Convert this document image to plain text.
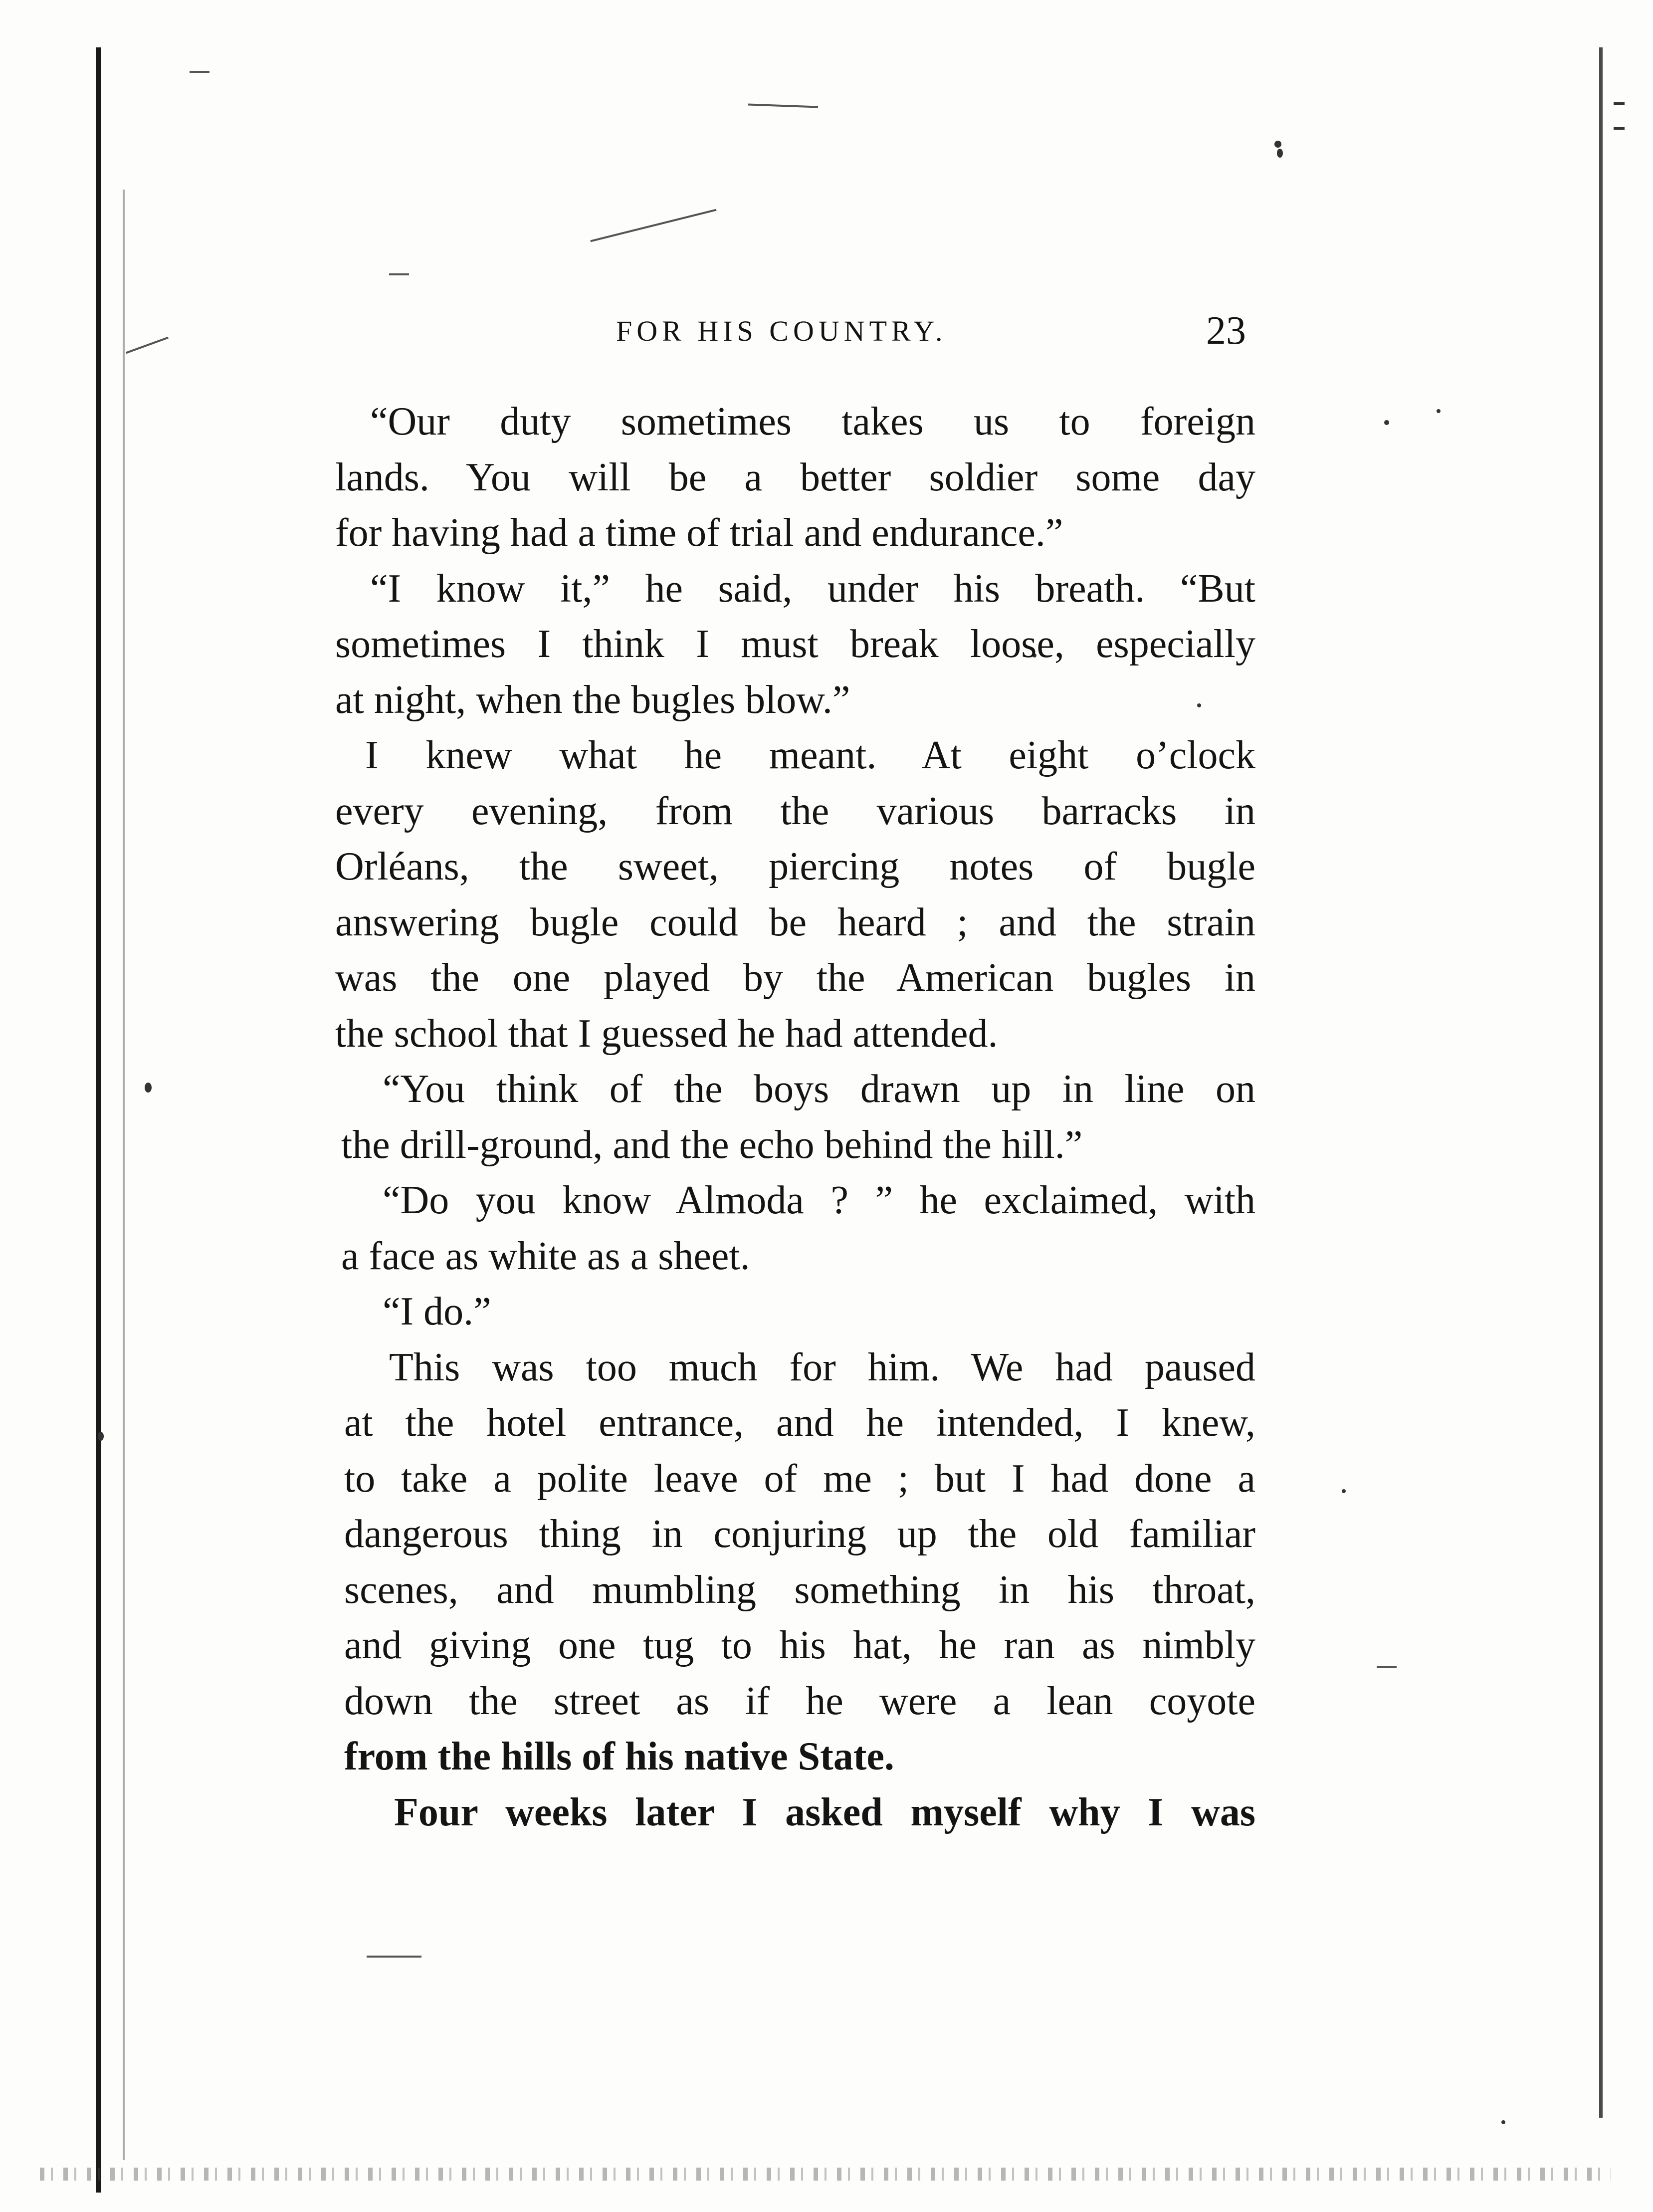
FOR HIS COUNTRY.	23
“Our duty sometimes takes us to foreign
lands. You will be a better soldier some day
for having had a time of trial and endurance.”
“I know it,” he said, under his breath. “But
sometimes I think I must break loose, especially
at night, when the bugles blow.”
I knew what he meant. At eight o’clock
every evening, from the various barracks in
Orléans, the sweet, piercing notes of bugle
answering bugle could be heard ; and the strain
was the one played by the American bugles in
the school that I guessed he had attended.
“You think of the boys drawn up in line on
the drill-ground, and the echo behind the hill.”
“Do you know Almoda ? ” he exclaimed, with
a face as white as a sheet.
“I do.”
This was too much for him. We had paused
at the hotel entrance, and he intended, I knew,
to take a polite leave of me ; but I had done a
dangerous thing in conjuring up the old familiar
scenes, and mumbling something in his throat,
and giving one tug to his hat, he ran as nimbly
down the street as if he were a lean coyote
from the hills of his native State.
Four weeks later I asked myself why I was
